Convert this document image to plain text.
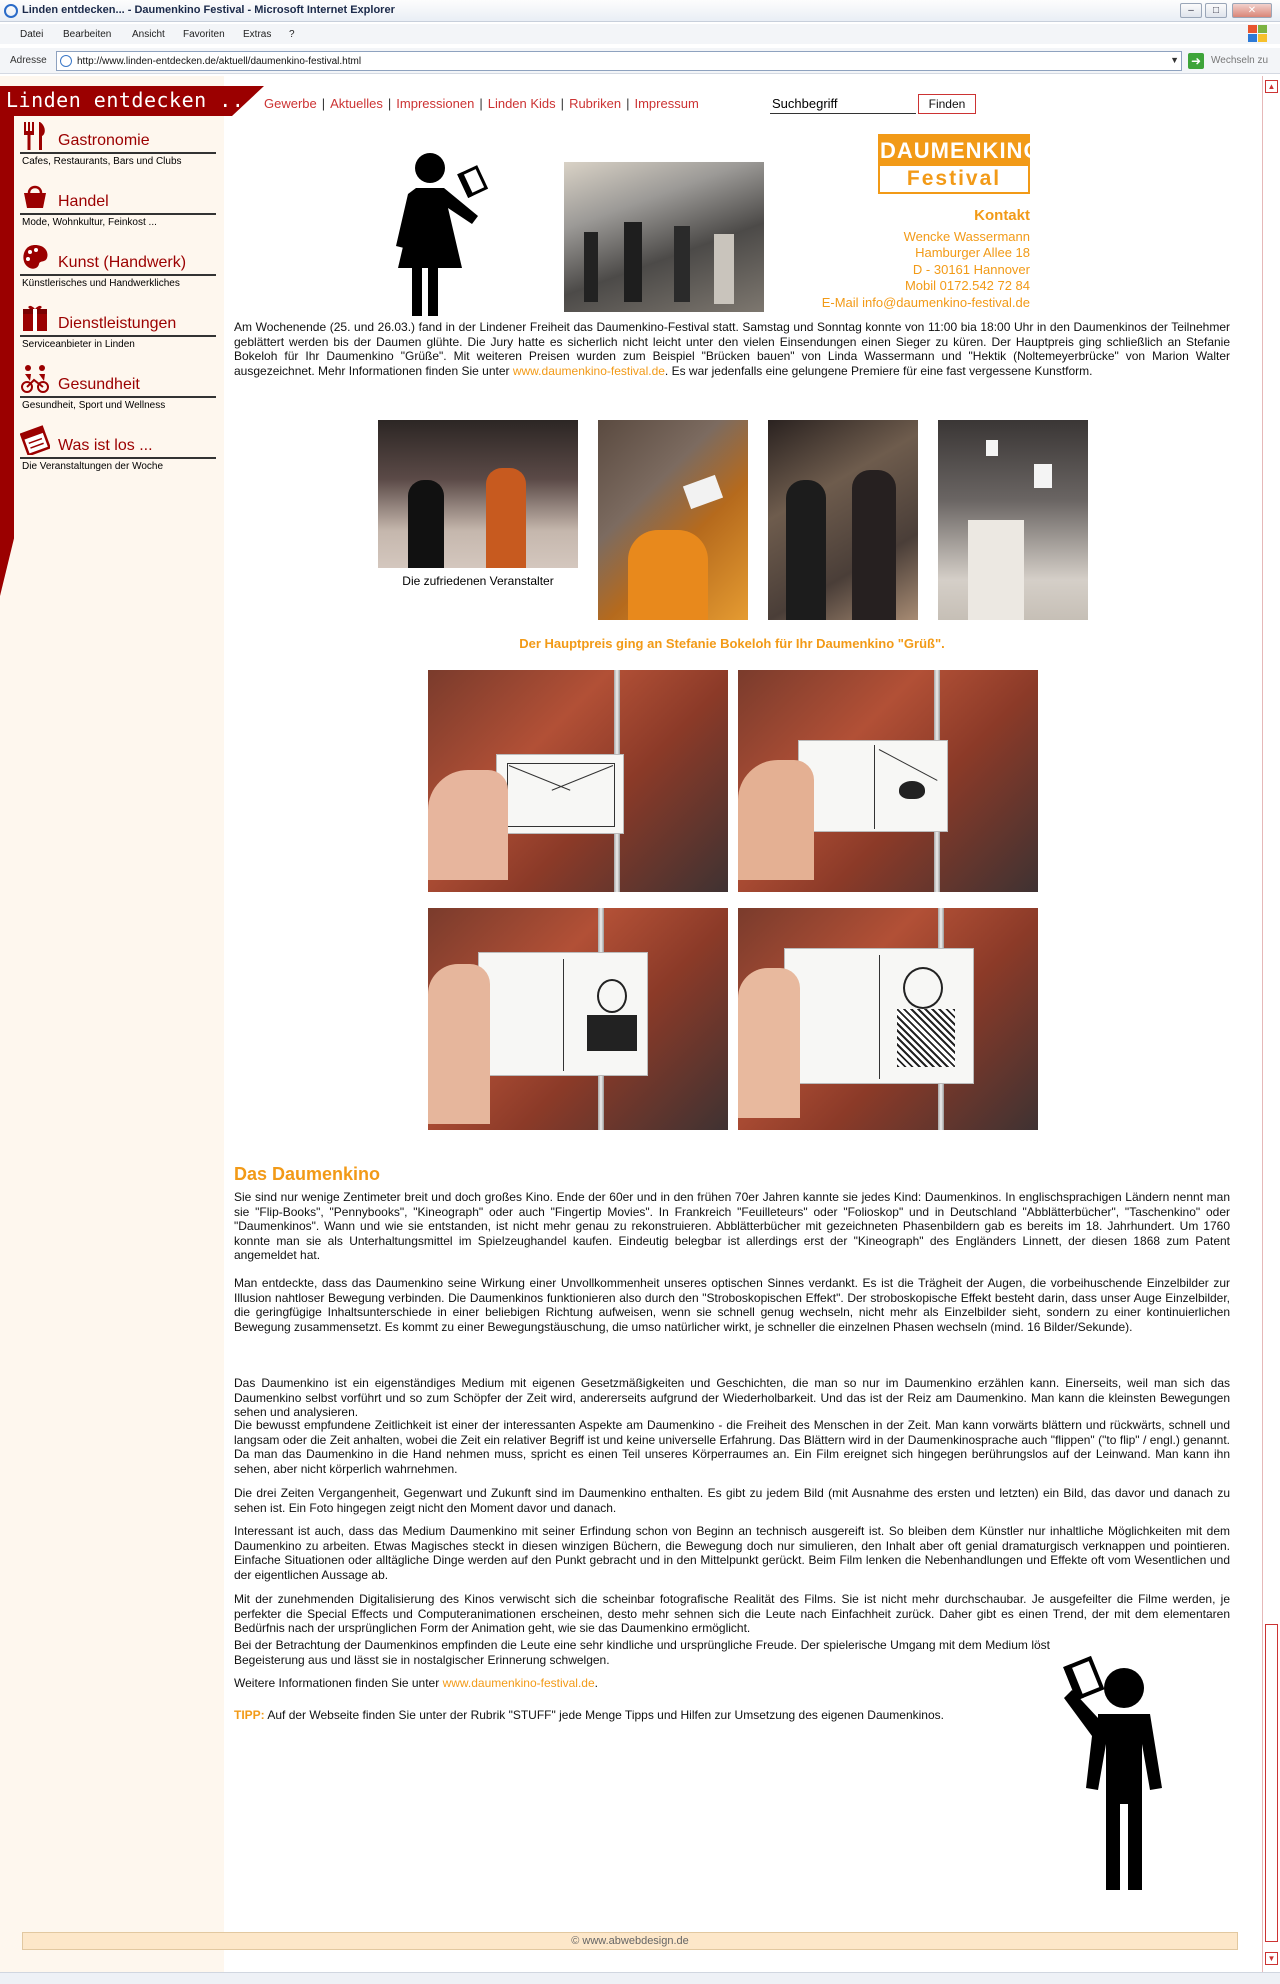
Linden entdecken... - Daumenkino Festival - Microsoft Internet Explorer	–	□	✕
Datei Bearbeiten Ansicht Favoriten Extras ?
Adresse	http://www.linden-entdecken.de/aktuell/daumenkino-festival.html	▼ ➜ Wechseln zu
Linden entdecken ... Gewerbe | Aktuelles | Impressionen | Linden Kids | Rubriken | Impressum
Suchbegriff	Finden
Gastronomie
Cafes, Restaurants, Bars und Clubs
Handel
Mode, Wohnkultur, Feinkost ...
Kunst (Handwerk)
Künstlerisches und Handwerkliches
Dienstleistungen
Serviceanbieter in Linden
Gesundheit
Gesundheit, Sport und Wellness
Was ist los ...
Die Veranstaltungen der Woche
DAUMENKINO
Festival
Kontakt
Wencke Wassermann
Hamburger Allee 18
D - 30161 Hannover
Mobil 0172.542 72 84
E-Mail info@daumenkino-festival.de
Am Wochenende (25. und 26.03.) fand in der Lindener Freiheit das Daumenkino-Festival statt. Samstag und Sonntag konnte von 11:00 bia 18:00 Uhr in den Daumenkinos der Teilnehmer geblättert werden bis der Daumen glühte. Die Jury hatte es sicherlich nicht leicht unter den vielen Einsendungen einen Sieger zu küren. Der Hauptpreis ging schließlich an Stefanie Bokeloh für Ihr Daumenkino "Grüße". Mit weiteren Preisen wurden zum Beispiel "Brücken bauen" von Linda Wassermann und "Hektik (Noltemeyerbrücke" von Marion Walter ausgezeichnet. Mehr Informationen finden Sie unter www.daumenkino-festival.de. Es war jedenfalls eine gelungene Premiere für eine fast vergessene Kunstform.
Die zufriedenen Veranstalter
Der Hauptpreis ging an Stefanie Bokeloh für Ihr Daumenkino "Grüß".
Das Daumenkino
Sie sind nur wenige Zentimeter breit und doch großes Kino. Ende der 60er und in den frühen 70er Jahren kannte sie jedes Kind: Daumenkinos. In englischsprachigen Ländern nennt man sie "Flip-Books", "Pennybooks", "Kineograph" oder auch "Fingertip Movies". In Frankreich "Feuilleteurs" oder "Folioskop" und in Deutschland "Abblätterbücher", "Taschenkino" oder "Daumenkinos". Wann und wie sie entstanden, ist nicht mehr genau zu rekonstruieren. Abblätterbücher mit gezeichneten Phasenbildern gab es bereits im 18. Jahrhundert. Um 1760 konnte man sie als Unterhaltungsmittel im Spielzeughandel kaufen. Eindeutig belegbar ist allerdings erst der "Kineograph" des Engländers Linnett, der diesen 1868 zum Patent angemeldet hat.
Man entdeckte, dass das Daumenkino seine Wirkung einer Unvollkommenheit unseres optischen Sinnes verdankt. Es ist die Trägheit der Augen, die vorbeihuschende Einzelbilder zur Illusion nahtloser Bewegung verbinden. Die Daumenkinos funktionieren also durch den "Stroboskopischen Effekt". Der stroboskopische Effekt besteht darin, dass unser Auge Einzelbilder, die geringfügige Inhaltsunterschiede in einer beliebigen Richtung aufweisen, wenn sie schnell genug wechseln, nicht mehr als Einzelbilder sieht, sondern zu einer kontinuierlichen Bewegung zusammensetzt. Es kommt zu einer Bewegungstäuschung, die umso natürlicher wirkt, je schneller die einzelnen Phasen wechseln (mind. 16 Bilder/Sekunde).
Das Daumenkino ist ein eigenständiges Medium mit eigenen Gesetzmäßigkeiten und Geschichten, die man so nur im Daumenkino erzählen kann. Einerseits, weil man sich das Daumenkino selbst vorführt und so zum Schöpfer der Zeit wird, andererseits aufgrund der Wiederholbarkeit. Und das ist der Reiz am Daumenkino. Man kann die kleinsten Bewegungen sehen und analysieren.
Die bewusst empfundene Zeitlichkeit ist einer der interessanten Aspekte am Daumenkino - die Freiheit des Menschen in der Zeit. Man kann vorwärts blättern und rückwärts, schnell und langsam oder die Zeit anhalten, wobei die Zeit ein relativer Begriff ist und keine universelle Erfahrung. Das Blättern wird in der Daumenkinosprache auch "flippen" ("to flip" / engl.) genannt. Da man das Daumenkino in die Hand nehmen muss, spricht es einen Teil unseres Körperraumes an. Ein Film ereignet sich hingegen berührungslos auf der Leinwand. Man kann ihn sehen, aber nicht körperlich wahrnehmen.
Die drei Zeiten Vergangenheit, Gegenwart und Zukunft sind im Daumenkino enthalten. Es gibt zu jedem Bild (mit Ausnahme des ersten und letzten) ein Bild, das davor und danach zu sehen ist. Ein Foto hingegen zeigt nicht den Moment davor und danach.
Interessant ist auch, dass das Medium Daumenkino mit seiner Erfindung schon von Beginn an technisch ausgereift ist. So bleiben dem Künstler nur inhaltliche Möglichkeiten mit dem Daumenkino zu arbeiten. Etwas Magisches steckt in diesen winzigen Büchern, die Bewegung doch nur simulieren, den Inhalt aber oft genial dramaturgisch verknappen und pointieren. Einfache Situationen oder alltägliche Dinge werden auf den Punkt gebracht und in den Mittelpunkt gerückt. Beim Film lenken die Nebenhandlungen und Effekte oft vom Wesentlichen und der eigentlichen Aussage ab.
Mit der zunehmenden Digitalisierung des Kinos verwischt sich die scheinbar fotografische Realität des Films. Sie ist nicht mehr durchschaubar. Je ausgefeilter die Filme werden, je perfekter die Special Effects und Computeranimationen erscheinen, desto mehr sehnen sich die Leute nach Einfachheit zurück. Daher gibt es einen Trend, der mit dem elementaren Bedürfnis nach der ursprünglichen Form der Animation geht, wie sie das Daumenkino ermöglicht.
Bei der Betrachtung der Daumenkinos empfinden die Leute eine sehr kindliche und ursprüngliche Freude. Der spielerische Umgang mit dem Medium löst Begeisterung aus und lässt sie in nostalgischer Erinnerung schwelgen.
Weitere Informationen finden Sie unter www.daumenkino-festival.de.
TIPP: Auf der Webseite finden Sie unter der Rubrik "STUFF" jede Menge Tipps und Hilfen zur Umsetzung des eigenen Daumenkinos.
© www.abwebdesign.de
▲
▼
